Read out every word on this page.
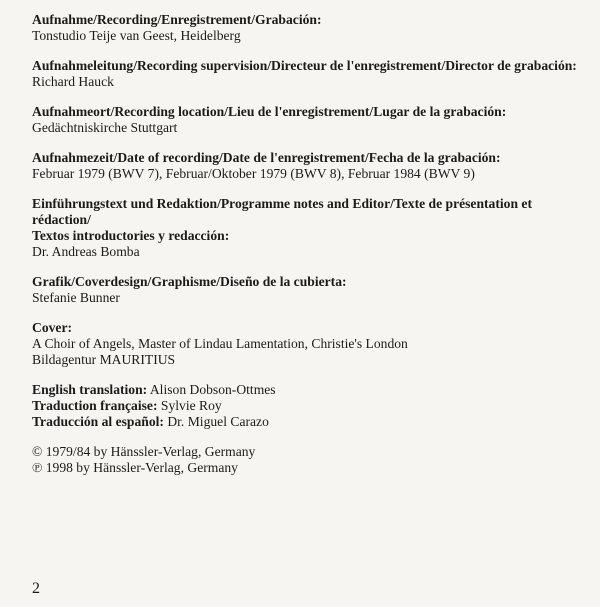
Aufnahme/Recording/Enregistrement/Grabación:
Tonstudio Teije van Geest, Heidelberg
Aufnahmeleitung/Recording supervision/Directeur de l'enregistrement/Director de grabación:
Richard Hauck
Aufnahmeort/Recording location/Lieu de l'enregistrement/Lugar de la grabación:
Gedächtniskirche Stuttgart
Aufnahmezeit/Date of recording/Date de l'enregistrement/Fecha de la grabación:
Februar 1979 (BWV 7), Februar/Oktober 1979 (BWV 8), Februar 1984 (BWV 9)
Einführungstext und Redaktion/Programme notes and Editor/Texte de présentation et rédaction/
Textos introductories y redacción:
Dr. Andreas Bomba
Grafik/Coverdesign/Graphisme/Diseño de la cubierta:
Stefanie Bunner
Cover:
A Choir of Angels, Master of Lindau Lamentation, Christie's London
Bildagentur MAURITIUS
English translation: Alison Dobson-Ottmes
Traduction française: Sylvie Roy
Traducción al español: Dr. Miguel Carazo
© 1979/84 by Hänssler-Verlag, Germany
℗ 1998 by Hänssler-Verlag, Germany
2
